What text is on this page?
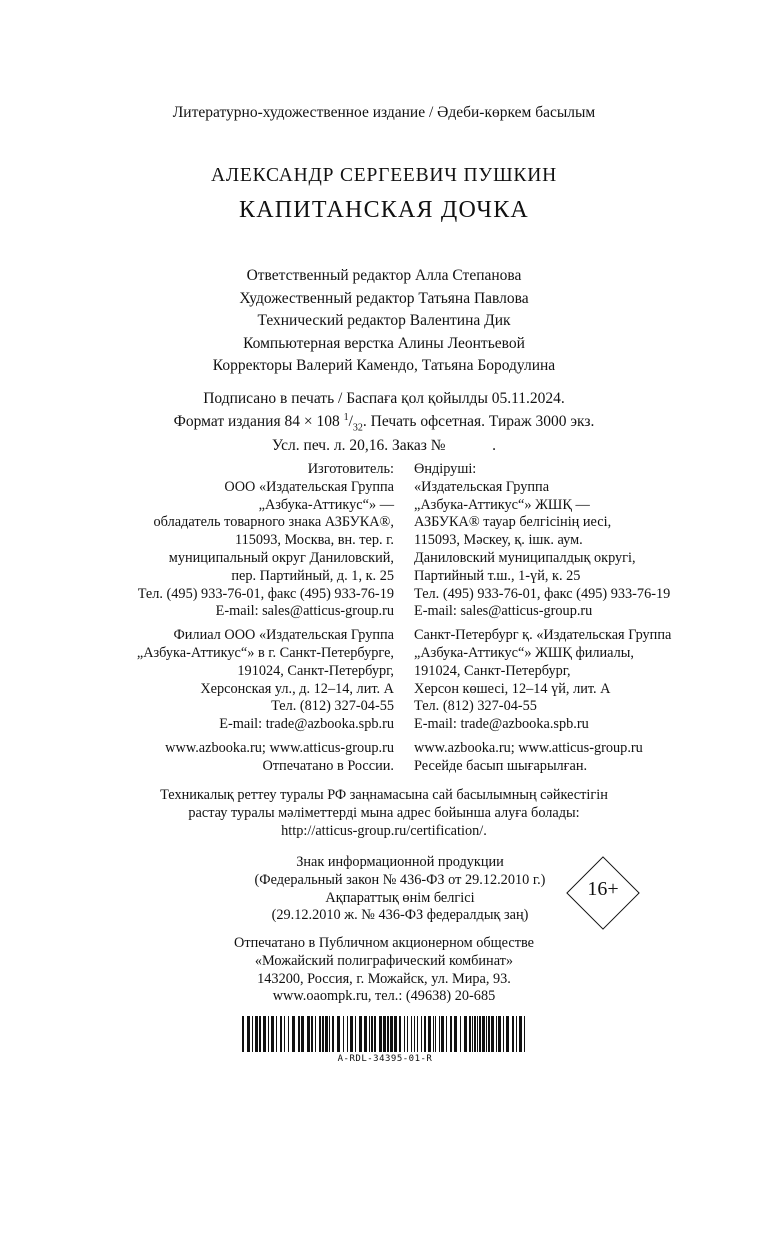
Литературно-художественное издание / Әдеби-көркем басылым
АЛЕКСАНДР СЕРГЕЕВИЧ ПУШКИН
КАПИТАНСКАЯ ДОЧКА
Ответственный редактор Алла Степанова
Художественный редактор Татьяна Павлова
Технический редактор Валентина Дик
Компьютерная верстка Алины Леонтьевой
Корректоры Валерий Камендо, Татьяна Бородулина
Подписано в печать / Баспаға қол қойылды 05.11.2024.
Формат издания 84 × 108 $^1/_{32}$. Печать офсетная. Тираж 3000 экз.
Усл. печ. л. 20,16. Заказ №            .
Изготовитель:
ООО «Издательская Группа
„Азбука-Аттикус“» —
обладатель товарного знака АЗБУКА®,
115093, Москва, вн. тер. г.
муниципальный округ Даниловский,
пер. Партийный, д. 1, к. 25
Тел. (495) 933-76-01, факс (495) 933-76-19
E-mail: sales@atticus-group.ru
Филиал ООО «Издательская Группа
„Азбука-Аттикус“» в г. Санкт-Петербурге,
191024, Санкт-Петербург,
Херсонская ул., д. 12–14, лит. А
Тел. (812) 327-04-55
E-mail: trade@azbooka.spb.ru
www.azbooka.ru; www.atticus-group.ru
Отпечатано в России.
Өндіруші:
«Издательская Группа
„Азбука-Аттикус“» ЖШҚ —
АЗБУКА® тауар белгісінің иесі,
115093, Мәскеу, қ. ішк. аум.
Даниловский муниципалдық округі,
Партийный т.ш., 1-үй, к. 25
Тел. (495) 933-76-01, факс (495) 933-76-19
E-mail: sales@atticus-group.ru
Санкт-Петербург қ. «Издательская Группа
„Азбука-Аттикус“» ЖШҚ филиалы,
191024, Санкт-Петербург,
Херсон көшесі, 12–14 үй, лит. А
Тел. (812) 327-04-55
E-mail: trade@azbooka.spb.ru
www.azbooka.ru; www.atticus-group.ru
Ресейде басып шығарылған.
Техникалық реттеу туралы РФ заңнамасына сай басылымның сәйкестігін
растау туралы мәліметтерді мына адрес бойынша алуға болады:
http://atticus-group.ru/certification/.
Знак информационной продукции
(Федеральный закон № 436-ФЗ от 29.12.2010 г.)
Ақпараттық өнім белгісі
(29.12.2010 ж. № 436-ФЗ федералдық заң)
16+
Отпечатано в Публичном акционерном обществе
«Можайский полиграфический комбинат»
143200, Россия, г. Можайск, ул. Мира, 93.
www.oaompk.ru, тел.: (49638) 20-685
A-RDL-34395-01-R
